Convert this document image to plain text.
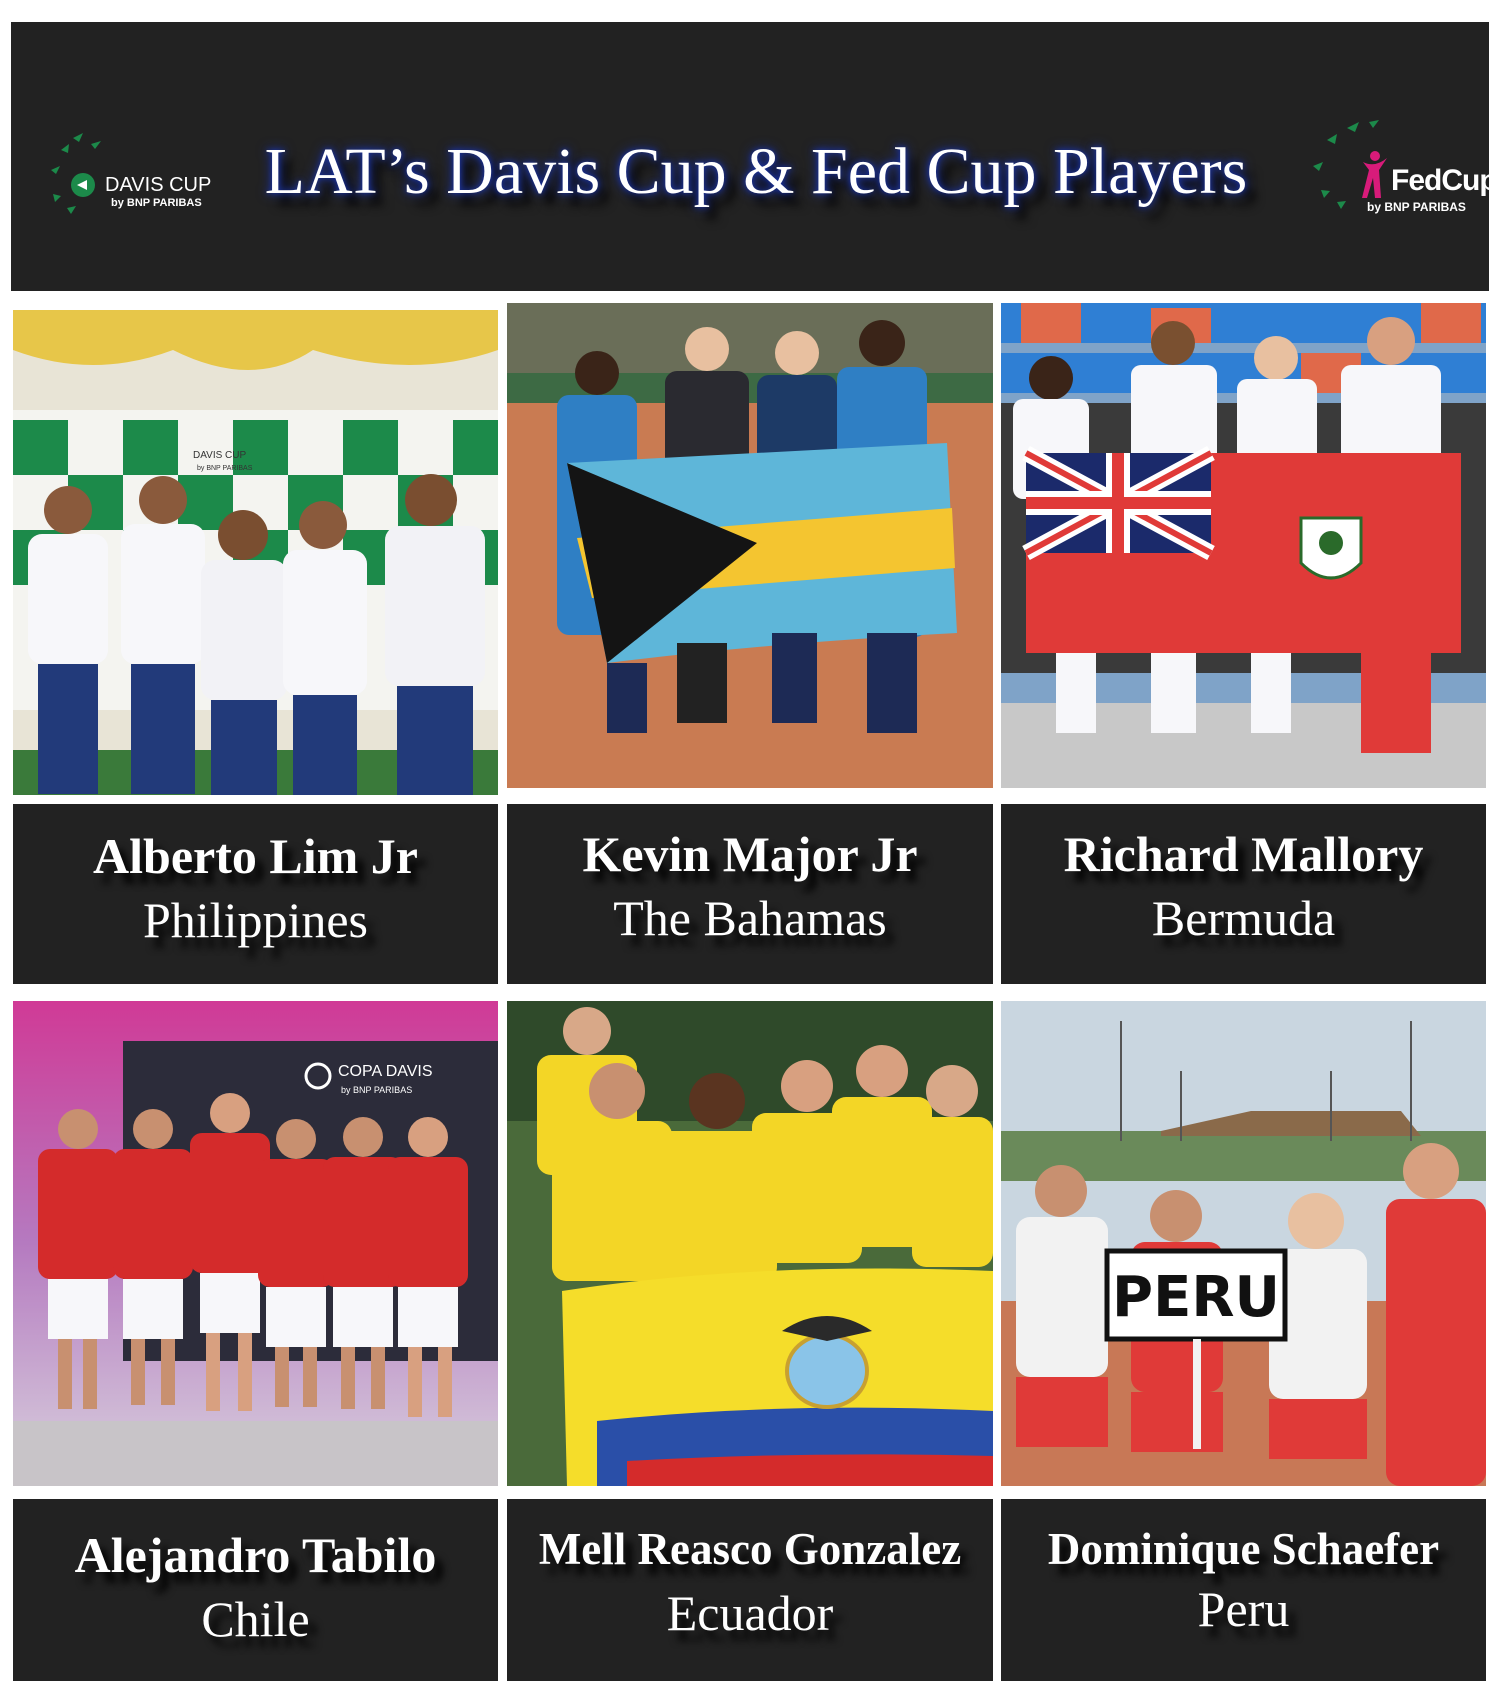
DAVIS CUP
by BNP PARIBAS LAT’s Davis Cup & Fed Cup Players	FedCup
by BNP PARIBAS
DAVIS CUP
by BNP PARIBAS
Alberto Lim Jr
Philippines
Kevin Major Jr
The Bahamas
Richard Mallory
Bermuda
COPA DAVIS
by BNP PARIBAS
PERU
Alejandro Tabilo
Chile
Mell Reasco Gonzalez
Ecuador
Dominique Schaefer
Peru
